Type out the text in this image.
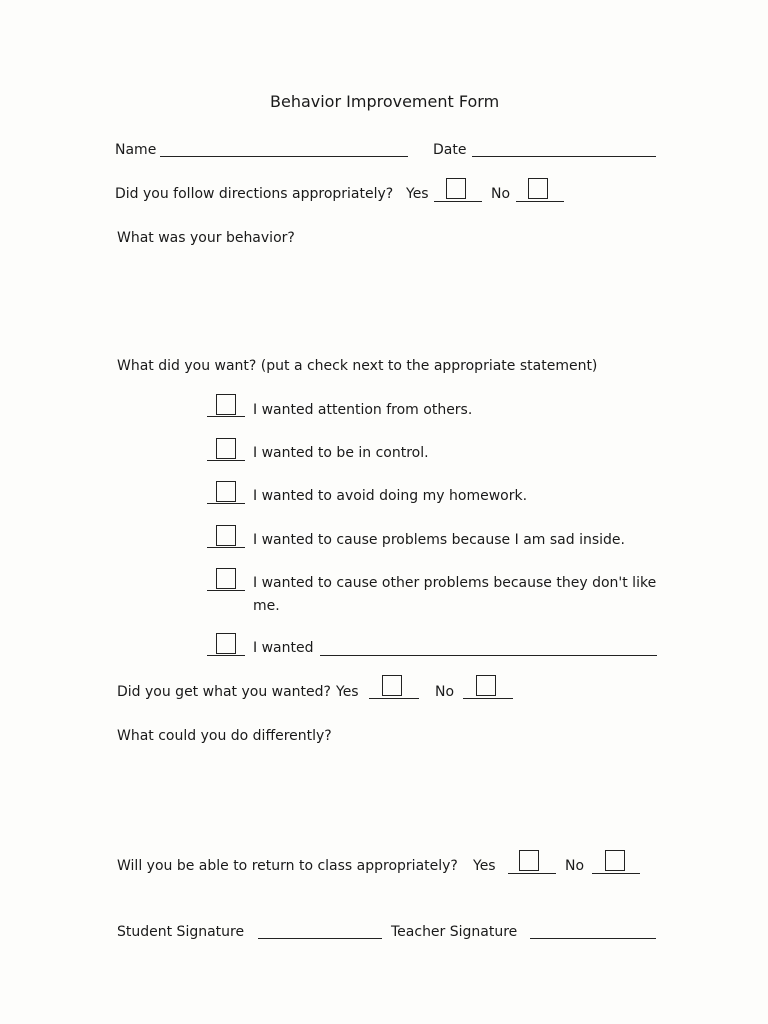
Behavior Improvement Form
Name	Date
Did you follow directions appropriately? Yes	No
What was your behavior?
What did you want? (put a check next to the appropriate statement)
I wanted attention from others.
I wanted to be in control.
I wanted to avoid doing my homework.
I wanted to cause problems because I am sad inside.
I wanted to cause other problems because they don't like
me.
I wanted
Did you get what you wanted? Yes	No
What could you do differently?
Will you be able to return to class appropriately? Yes	No
Student Signature	Teacher Signature
